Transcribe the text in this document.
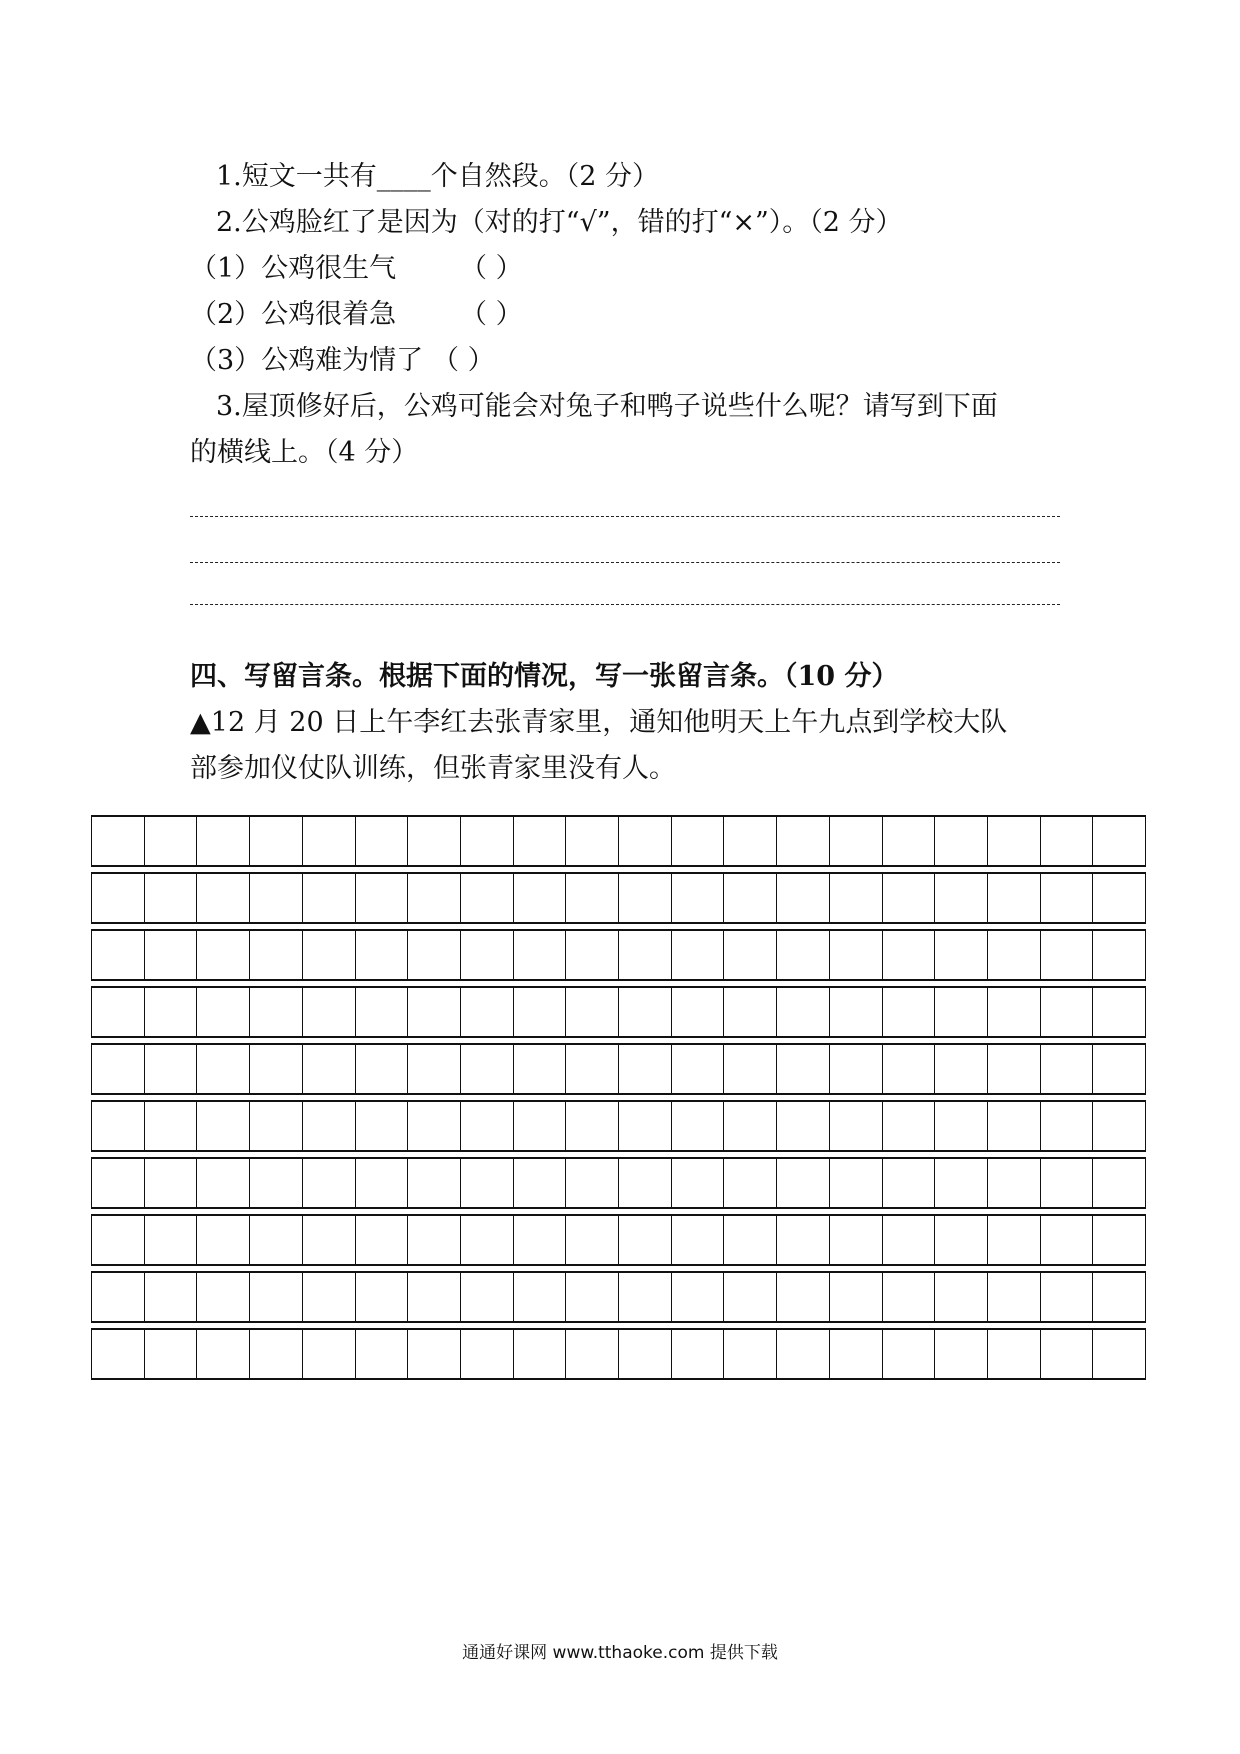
1.短文一共有____个自然段。（2 分）
2.公鸡脸红了是因为（对的打“√”，错的打“×”）。（2 分）
（1）公鸡很生气 （ ）
（2）公鸡很着急 （ ）
（3）公鸡难为情了 （ ）
3.屋顶修好后，公鸡可能会对兔子和鸭子说些什么呢？请写到下面
的横线上。（4 分）
四、写留言条。根据下面的情况，写一张留言条。（10 分）
▲12 月 20 日上午李红去张青家里，通知他明天上午九点到学校大队
部参加仪仗队训练，但张青家里没有人。
通通好课网 www.tthaoke.com 提供下载
